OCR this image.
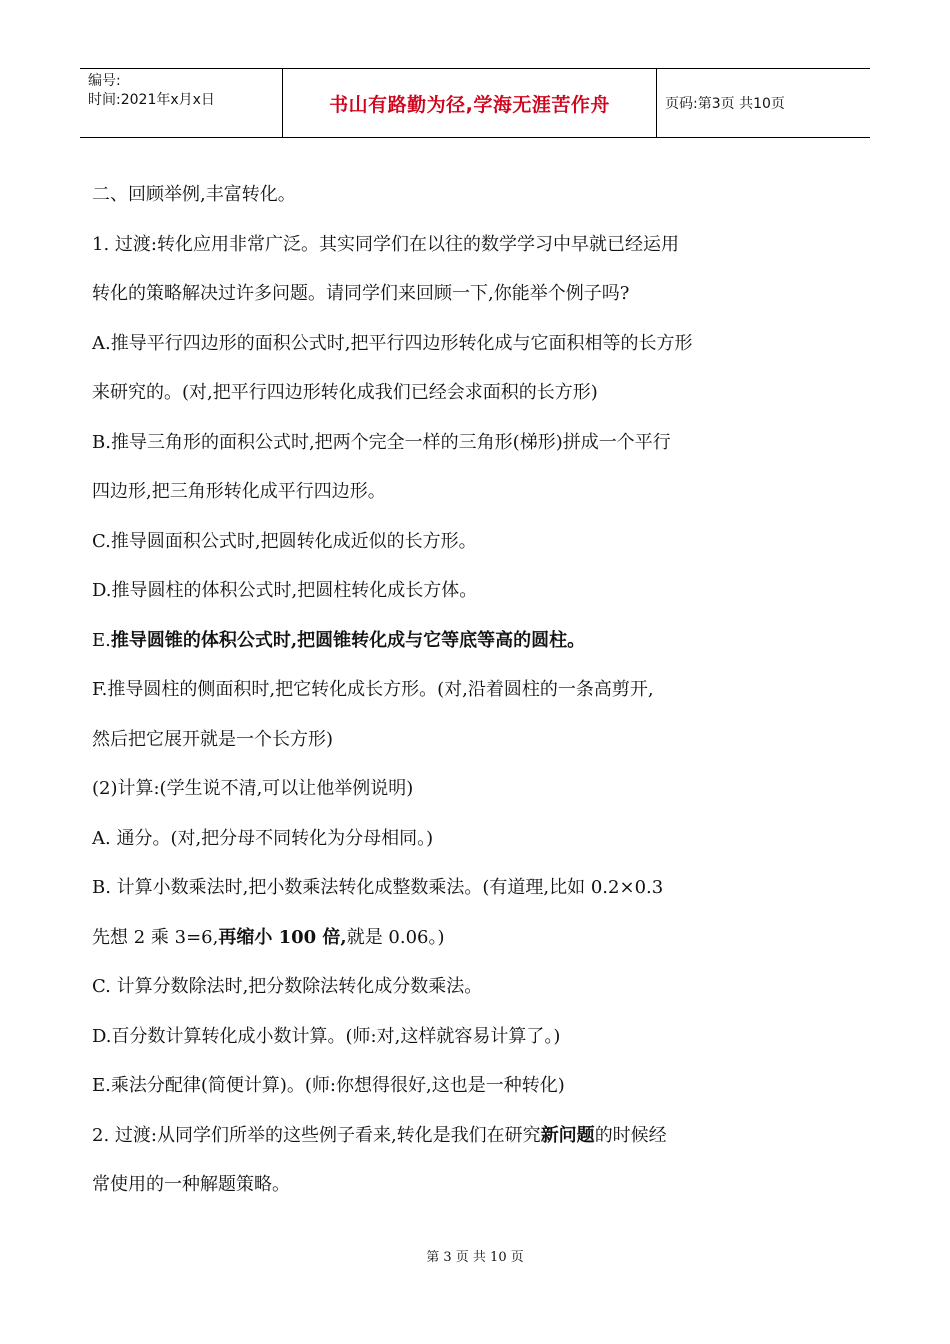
编号:
时间:2021年x月x日	书山有路勤为径,学海无涯苦作舟	页码:第3页 共10页
二、回顾举例,丰富转化。
1. 过渡:转化应用非常广泛。其实同学们在以往的数学学习中早就已经运用
转化的策略解决过许多问题。请同学们来回顾一下,你能举个例子吗?
A.推导平行四边形的面积公式时,把平行四边形转化成与它面积相等的长方形
来研究的。(对,把平行四边形转化成我们已经会求面积的长方形)
B.推导三角形的面积公式时,把两个完全一样的三角形(梯形)拼成一个平行
四边形,把三角形转化成平行四边形。
C.推导圆面积公式时,把圆转化成近似的长方形。
D.推导圆柱的体积公式时,把圆柱转化成长方体。
E.推导圆锥的体积公式时,把圆锥转化成与它等底等高的圆柱。
F.推导圆柱的侧面积时,把它转化成长方形。(对,沿着圆柱的一条高剪开,
然后把它展开就是一个长方形)
(2)计算:(学生说不清,可以让他举例说明)
A. 通分。(对,把分母不同转化为分母相同。)
B. 计算小数乘法时,把小数乘法转化成整数乘法。(有道理,比如 0.2×0.3
先想 2 乘 3=6,再缩小 100 倍,就是 0.06。)
C. 计算分数除法时,把分数除法转化成分数乘法。
D.百分数计算转化成小数计算。(师:对,这样就容易计算了。)
E.乘法分配律(简便计算)。(师:你想得很好,这也是一种转化)
2. 过渡:从同学们所举的这些例子看来,转化是我们在研究新问题的时候经
常使用的一种解题策略。
第 3 页 共 10 页
